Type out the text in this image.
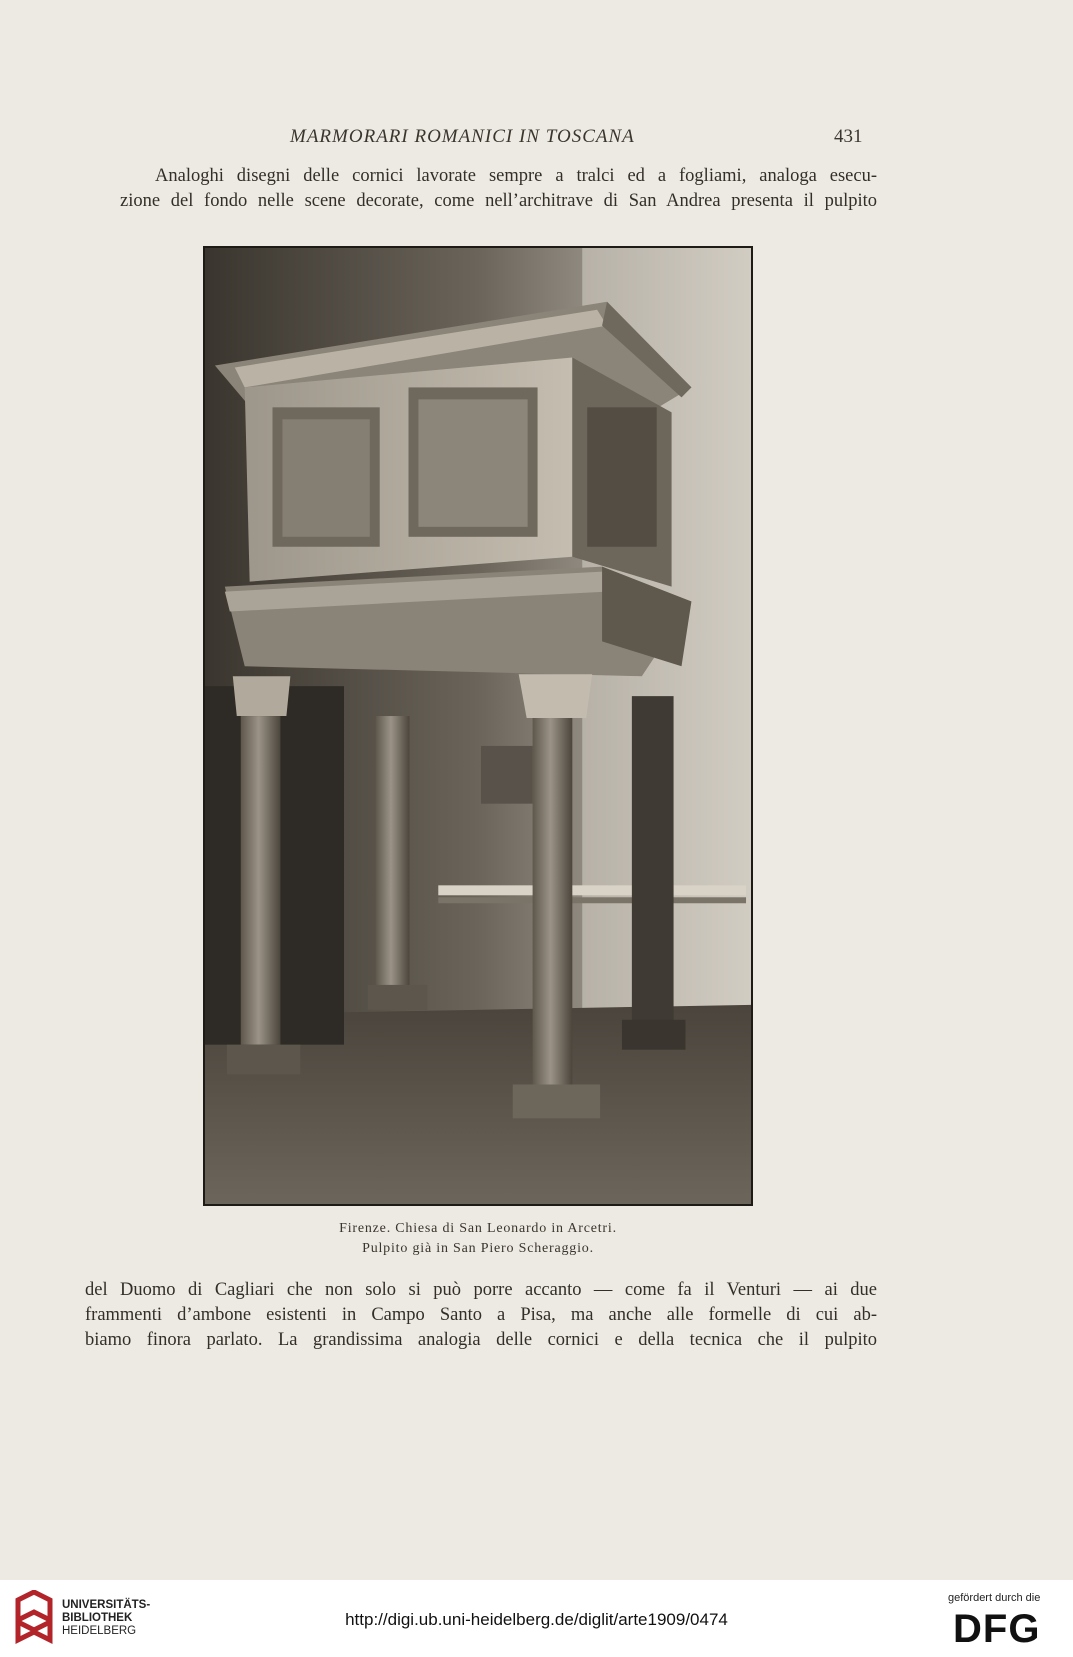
MARMORARI ROMANICI IN TOSCANA	431
Analoghi disegni delle cornici lavorate sempre a tralci ed a fogliami, analoga esecu-
zione del fondo nelle scene decorate, come nell’architrave di San Andrea presenta il pulpito
Firenze. Chiesa di San Leonardo in Arcetri.
Pulpito già in San Piero Scheraggio.
del Duomo di Cagliari che non solo si può porre accanto — come fa il Venturi — ai due
frammenti d’ambone esistenti in Campo Santo a Pisa, ma anche alle formelle di cui ab-
biamo finora parlato. La grandissima analogia delle cornici e della tecnica che il pulpito
UNIVERSITÄTS-
BIBLIOTHEK
HEIDELBERG
http://digi.ub.uni-heidelberg.de/diglit/arte1909/0474
gefördert durch die
DFG
